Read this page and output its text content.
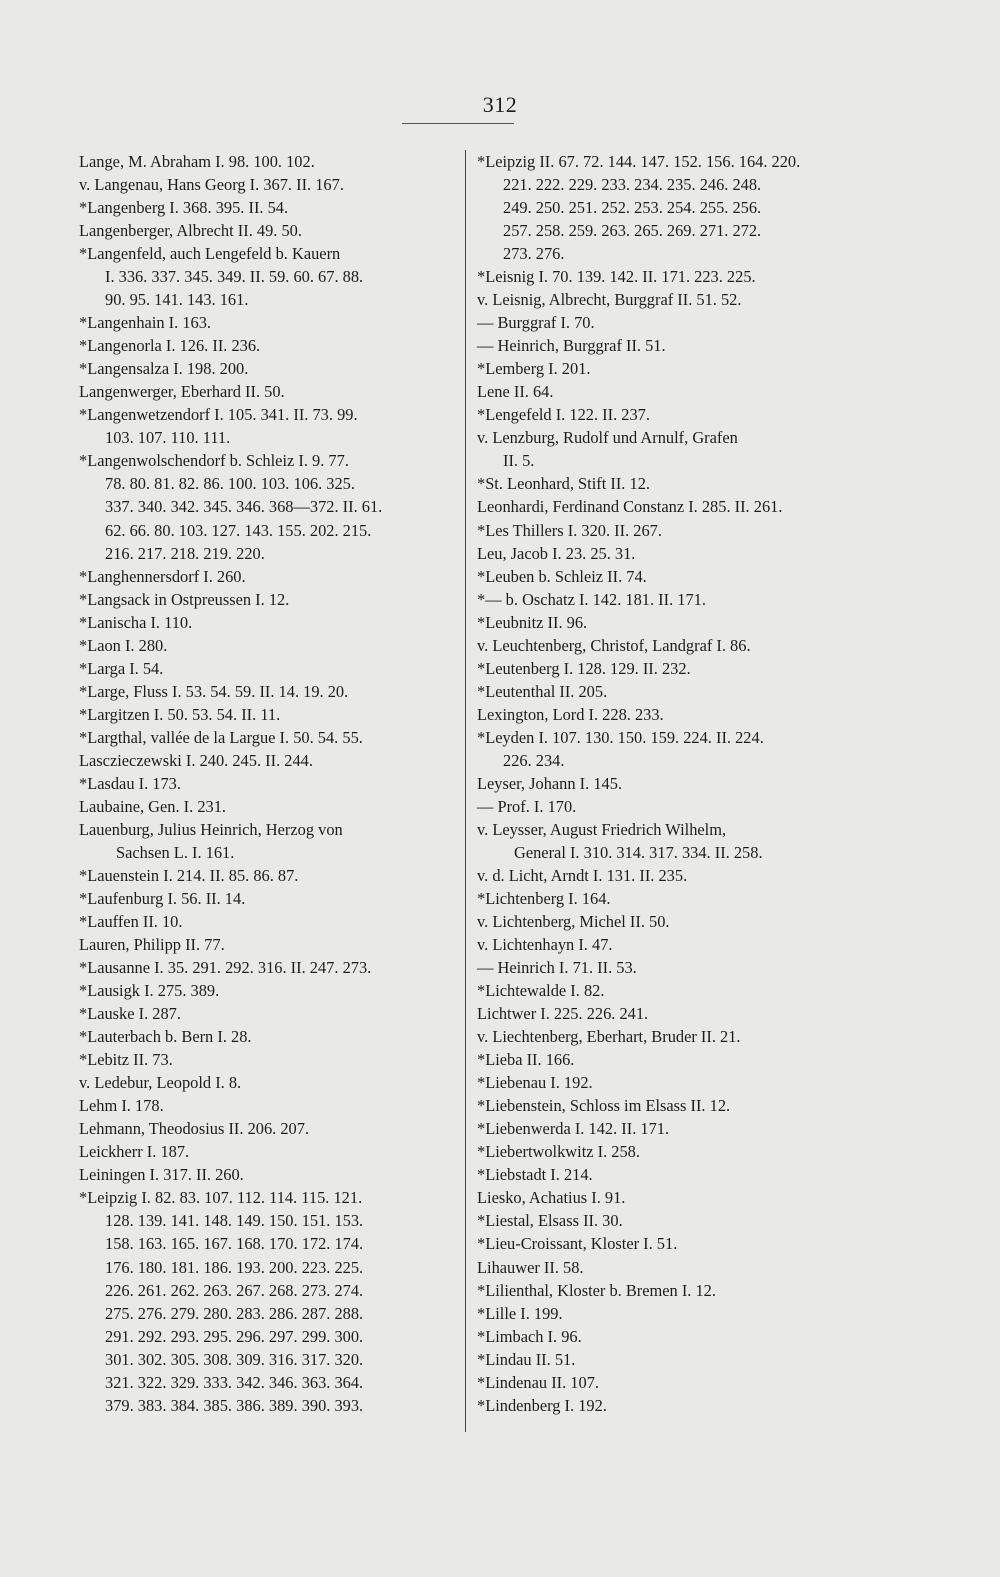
312
Lange, M. Abraham I. 98. 100. 102.
v. Langenau, Hans Georg I. 367. II. 167.
*Langenberg I. 368. 395. II. 54.
Langenberger, Albrecht II. 49. 50.
*Langenfeld, auch Lengefeld b. Kauern
I. 336. 337. 345. 349. II. 59. 60. 67. 88.
90. 95. 141. 143. 161.
*Langenhain I. 163.
*Langenorla I. 126. II. 236.
*Langensalza I. 198. 200.
Langenwerger, Eberhard II. 50.
*Langenwetzendorf I. 105. 341. II. 73. 99.
103. 107. 110. 111.
*Langenwolschendorf b. Schleiz I. 9. 77.
78. 80. 81. 82. 86. 100. 103. 106. 325.
337. 340. 342. 345. 346. 368—372. II. 61.
62. 66. 80. 103. 127. 143. 155. 202. 215.
216. 217. 218. 219. 220.
*Langhennersdorf I. 260.
*Langsack in Ostpreussen I. 12.
*Lanischa I. 110.
*Laon I. 280.
*Larga I. 54.
*Large, Fluss I. 53. 54. 59. II. 14. 19. 20.
*Largitzen I. 50. 53. 54. II. 11.
*Largthal, vallée de la Largue I. 50. 54. 55.
Lasczieczewski I. 240. 245. II. 244.
*Lasdau I. 173.
Laubaine, Gen. I. 231.
Lauenburg, Julius Heinrich, Herzog von
Sachsen L. I. 161.
*Lauenstein I. 214. II. 85. 86. 87.
*Laufenburg I. 56. II. 14.
*Lauffen II. 10.
Lauren, Philipp II. 77.
*Lausanne I. 35. 291. 292. 316. II. 247. 273.
*Lausigk I. 275. 389.
*Lauske I. 287.
*Lauterbach b. Bern I. 28.
*Lebitz II. 73.
v. Ledebur, Leopold I. 8.
Lehm I. 178.
Lehmann, Theodosius II. 206. 207.
Leickherr I. 187.
Leiningen I. 317. II. 260.
*Leipzig I. 82. 83. 107. 112. 114. 115. 121.
128. 139. 141. 148. 149. 150. 151. 153.
158. 163. 165. 167. 168. 170. 172. 174.
176. 180. 181. 186. 193. 200. 223. 225.
226. 261. 262. 263. 267. 268. 273. 274.
275. 276. 279. 280. 283. 286. 287. 288.
291. 292. 293. 295. 296. 297. 299. 300.
301. 302. 305. 308. 309. 316. 317. 320.
321. 322. 329. 333. 342. 346. 363. 364.
379. 383. 384. 385. 386. 389. 390. 393.
*Leipzig II. 67. 72. 144. 147. 152. 156. 164. 220.
221. 222. 229. 233. 234. 235. 246. 248.
249. 250. 251. 252. 253. 254. 255. 256.
257. 258. 259. 263. 265. 269. 271. 272.
273. 276.
*Leisnig I. 70. 139. 142. II. 171. 223. 225.
v. Leisnig, Albrecht, Burggraf II. 51. 52.
— Burggraf I. 70.
— Heinrich, Burggraf II. 51.
*Lemberg I. 201.
Lene II. 64.
*Lengefeld I. 122. II. 237.
v. Lenzburg, Rudolf und Arnulf, Grafen
II. 5.
*St. Leonhard, Stift II. 12.
Leonhardi, Ferdinand Constanz I. 285. II. 261.
*Les Thillers I. 320. II. 267.
Leu, Jacob I. 23. 25. 31.
*Leuben b. Schleiz II. 74.
*— b. Oschatz I. 142. 181. II. 171.
*Leubnitz II. 96.
v. Leuchtenberg, Christof, Landgraf I. 86.
*Leutenberg I. 128. 129. II. 232.
*Leutenthal II. 205.
Lexington, Lord I. 228. 233.
*Leyden I. 107. 130. 150. 159. 224. II. 224.
226. 234.
Leyser, Johann I. 145.
— Prof. I. 170.
v. Leysser, August Friedrich Wilhelm,
General I. 310. 314. 317. 334. II. 258.
v. d. Licht, Arndt I. 131. II. 235.
*Lichtenberg I. 164.
v. Lichtenberg, Michel II. 50.
v. Lichtenhayn I. 47.
— Heinrich I. 71. II. 53.
*Lichtewalde I. 82.
Lichtwer I. 225. 226. 241.
v. Liechtenberg, Eberhart, Bruder II. 21.
*Lieba II. 166.
*Liebenau I. 192.
*Liebenstein, Schloss im Elsass II. 12.
*Liebenwerda I. 142. II. 171.
*Liebertwolkwitz I. 258.
*Liebstadt I. 214.
Liesko, Achatius I. 91.
*Liestal, Elsass II. 30.
*Lieu-Croissant, Kloster I. 51.
Lihauwer II. 58.
*Lilienthal, Kloster b. Bremen I. 12.
*Lille I. 199.
*Limbach I. 96.
*Lindau II. 51.
*Lindenau II. 107.
*Lindenberg I. 192.
